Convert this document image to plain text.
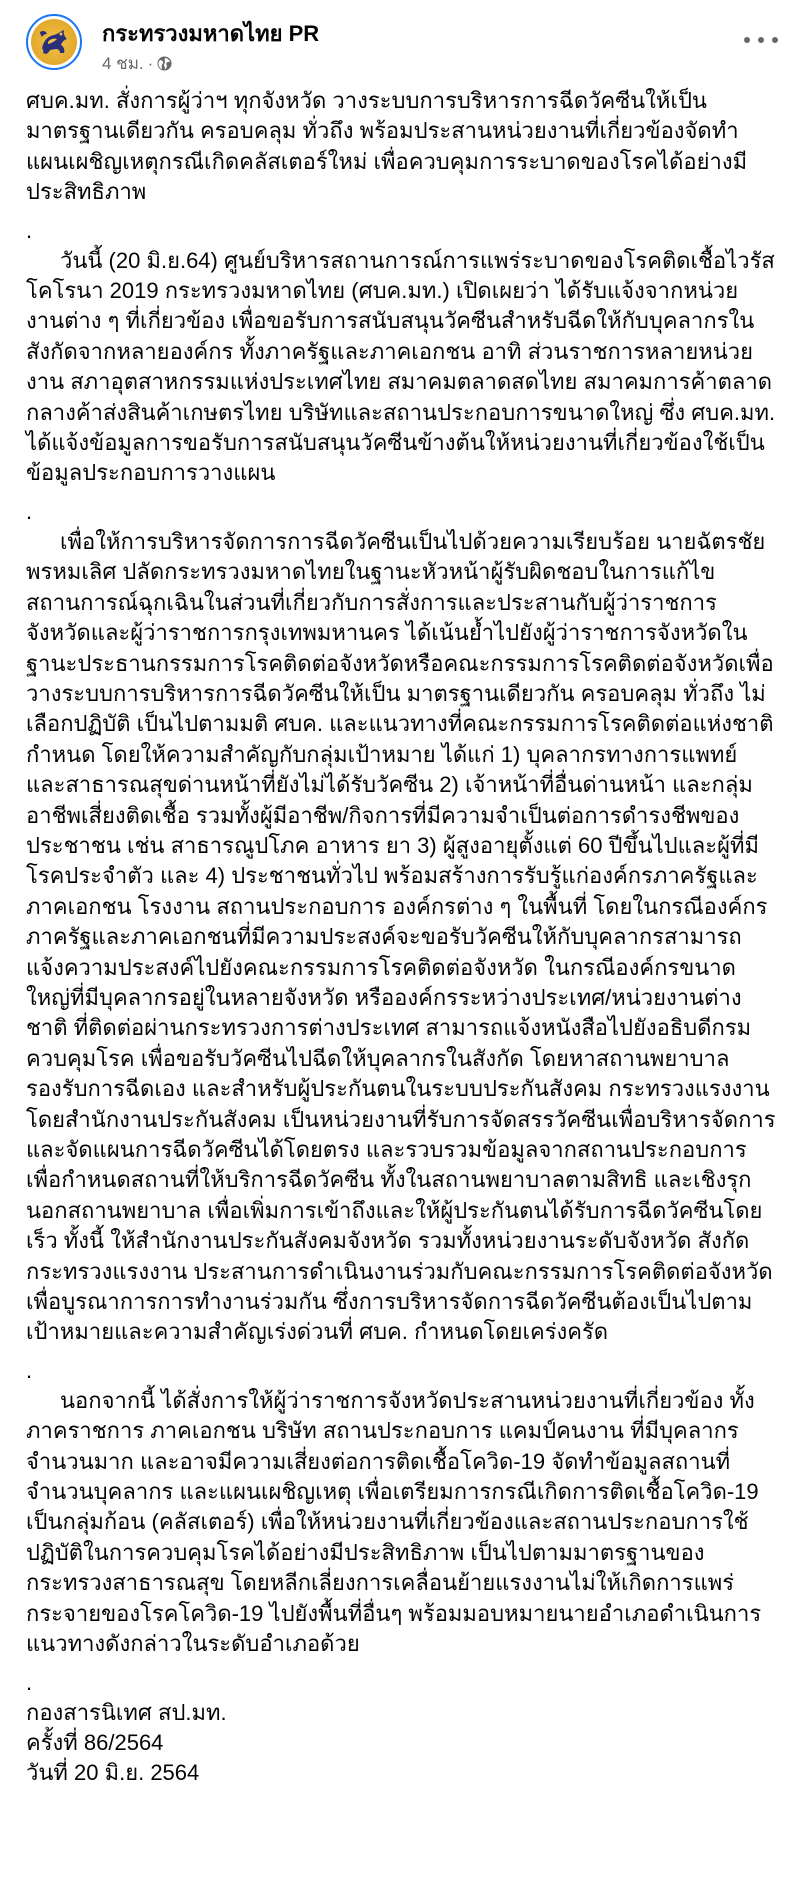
กระทรวงมหาดไทย PR
4 ชม. ·

ศบค.มท. สั่งการผู้ว่าฯ ทุกจังหวัด วางระบบการบริหารการฉีดวัคซีนให้เป็นมาตรฐานเดียวกัน ครอบคลุม ทั่วถึง พร้อมประสานหน่วยงานที่เกี่ยวข้องจัดทำแผนเผชิญเหตุกรณีเกิดคลัสเตอร์ใหม่ เพื่อควบคุมการระบาดของโรคได้อย่างมีประสิทธิภาพ

.

วันนี้ (20 มิ.ย.64) ศูนย์บริหารสถานการณ์การแพร่ระบาดของโรคติดเชื้อไวรัสโคโรนา 2019 กระทรวงมหาดไทย (ศบค.มท.) เปิดเผยว่า ได้รับแจ้งจากหน่วยงานต่าง ๆ ที่เกี่ยวข้อง เพื่อขอรับการสนับสนุนวัคซีนสำหรับฉีดให้กับบุคลากรในสังกัดจากหลายองค์กร ทั้งภาครัฐและภาคเอกชน อาทิ ส่วนราชการหลายหน่วยงาน สภาอุตสาหกรรมแห่งประเทศไทย สมาคมตลาดสดไทย สมาคมการค้าตลาดกลางค้าส่งสินค้าเกษตรไทย บริษัทและสถานประกอบการขนาดใหญ่ ซึ่ง ศบค.มท. ได้แจ้งข้อมูลการขอรับการสนับสนุนวัคซีนข้างต้นให้หน่วยงานที่เกี่ยวข้องใช้เป็นข้อมูลประกอบการวางแผน

.

เพื่อให้การบริหารจัดการการฉีดวัคซีนเป็นไปด้วยความเรียบร้อย นายฉัตรชัย พรหมเลิศ ปลัดกระทรวงมหาดไทยในฐานะหัวหน้าผู้รับผิดชอบในการแก้ไขสถานการณ์ฉุกเฉินในส่วนที่เกี่ยวกับการสั่งการและประสานกับผู้ว่าราชการจังหวัดและผู้ว่าราชการกรุงเทพมหานคร ได้เน้นย้ำไปยังผู้ว่าราชการจังหวัดในฐานะประธานกรรมการโรคติดต่อจังหวัดหรือคณะกรรมการโรคติดต่อจังหวัดเพื่อวางระบบการบริหารการฉีดวัคซีนให้เป็น มาตรฐานเดียวกัน ครอบคลุม ทั่วถึง ไม่เลือกปฏิบัติ เป็นไปตามมติ ศบค. และแนวทางที่คณะกรรมการโรคติดต่อแห่งชาติกำหนด โดยให้ความสำคัญกับกลุ่มเป้าหมาย ได้แก่ 1) บุคลากรทางการแพทย์และสาธารณสุขด่านหน้าที่ยังไม่ได้รับวัคซีน 2) เจ้าหน้าที่อื่นด่านหน้า และกลุ่มอาชีพเสี่ยงติดเชื้อ รวมทั้งผู้มีอาชีพ/กิจการที่มีความจำเป็นต่อการดำรงชีพของประชาชน เช่น สาธารณูปโภค อาหาร ยา 3) ผู้สูงอายุตั้งแต่ 60 ปีขึ้นไปและผู้ที่มีโรคประจำตัว และ 4) ประชาชนทั่วไป พร้อมสร้างการรับรู้แก่องค์กรภาครัฐและภาคเอกชน โรงงาน สถานประกอบการ องค์กรต่าง ๆ ในพื้นที่ โดยในกรณีองค์กรภาครัฐและภาคเอกชนที่มีความประสงค์จะขอรับวัคซีนให้กับบุคลากรสามารถแจ้งความประสงค์ไปยังคณะกรรมการโรคติดต่อจังหวัด ในกรณีองค์กรขนาดใหญ่ที่มีบุคลากรอยู่ในหลายจังหวัด หรือองค์กรระหว่างประเทศ/หน่วยงานต่างชาติ ที่ติดต่อผ่านกระทรวงการต่างประเทศ สามารถแจ้งหนังสือไปยังอธิบดีกรมควบคุมโรค เพื่อขอรับวัคซีนไปฉีดให้บุคลากรในสังกัด โดยหาสถานพยาบาลรองรับการฉีดเอง และสำหรับผู้ประกันตนในระบบประกันสังคม กระทรวงแรงงานโดยสำนักงานประกันสังคม เป็นหน่วยงานที่รับการจัดสรรวัคซีนเพื่อบริหารจัดการและจัดแผนการฉีดวัคซีนได้โดยตรง และรวบรวมข้อมูลจากสถานประกอบการเพื่อกำหนดสถานที่ให้บริการฉีดวัคซีน ทั้งในสถานพยาบาลตามสิทธิ และเชิงรุกนอกสถานพยาบาล เพื่อเพิ่มการเข้าถึงและให้ผู้ประกันตนได้รับการฉีดวัคซีนโดยเร็ว ทั้งนี้ ให้สำนักงานประกันสังคมจังหวัด รวมทั้งหน่วยงานระดับจังหวัด สังกัดกระทรวงแรงงาน ประสานการดำเนินงานร่วมกับคณะกรรมการโรคติดต่อจังหวัดเพื่อบูรณาการการทำงานร่วมกัน ซึ่งการบริหารจัดการฉีดวัคซีนต้องเป็นไปตามเป้าหมายและความสำคัญเร่งด่วนที่ ศบค. กำหนดโดยเคร่งครัด

.

นอกจากนี้ ได้สั่งการให้ผู้ว่าราชการจังหวัดประสานหน่วยงานที่เกี่ยวข้อง ทั้งภาคราชการ ภาคเอกชน บริษัท สถานประกอบการ แคมป์คนงาน ที่มีบุคลากรจำนวนมาก และอาจมีความเสี่ยงต่อการติดเชื้อโควิด-19 จัดทำข้อมูลสถานที่ จำนวนบุคลากร และแผนเผชิญเหตุ เพื่อเตรียมการกรณีเกิดการติดเชื้อโควิด-19 เป็นกลุ่มก้อน (คลัสเตอร์) เพื่อให้หน่วยงานที่เกี่ยวข้องและสถานประกอบการใช้ปฏิบัติในการควบคุมโรคได้อย่างมีประสิทธิภาพ เป็นไปตามมาตรฐานของกระทรวงสาธารณสุข โดยหลีกเลี่ยงการเคลื่อนย้ายแรงงานไม่ให้เกิดการแพร่กระจายของโรคโควิด-19 ไปยังพื้นที่อื่นๆ พร้อมมอบหมายนายอำเภอดำเนินการแนวทางดังกล่าวในระดับอำเภอด้วย

.
กองสารนิเทศ สป.มท.
ครั้งที่ 86/2564
วันที่ 20 มิ.ย. 2564
